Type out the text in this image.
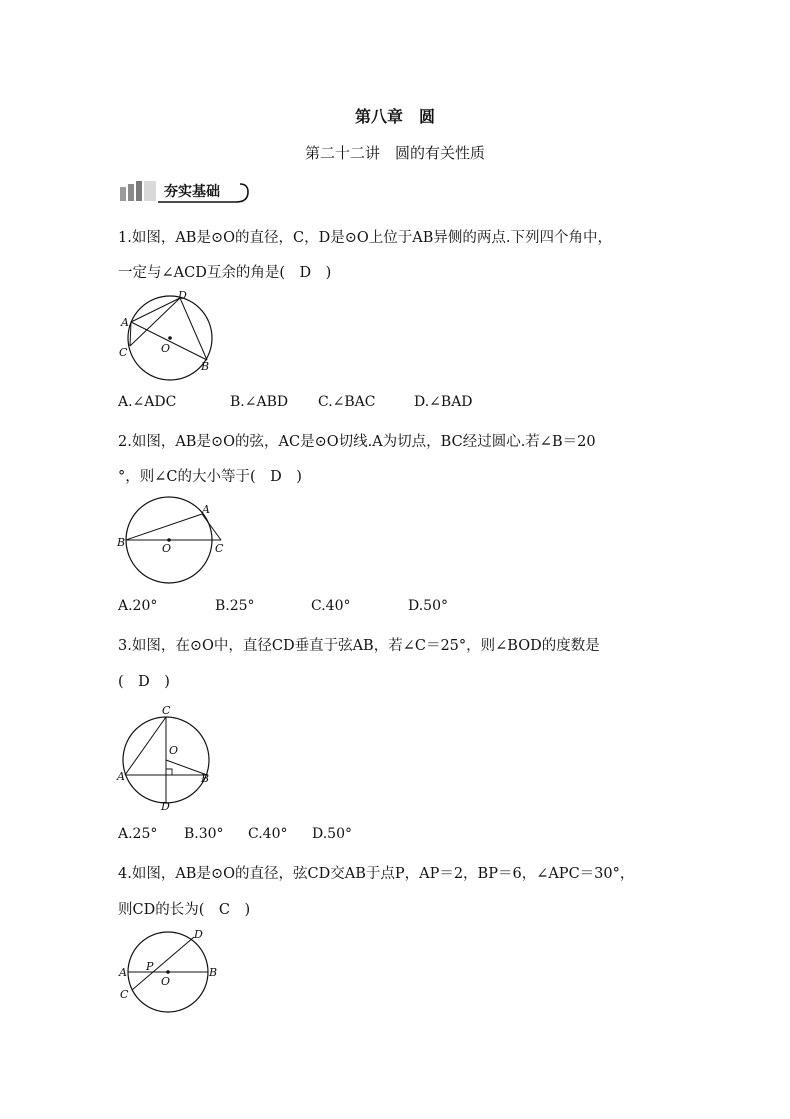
第八章　圆
第二十二讲　圆的有关性质
夯实基础
1.如图，AB是⊙O的直径，C，D是⊙O上位于AB异侧的两点.下列四个角中，
一定与∠ACD互余的角是(　D　)
D
A
O
C
B
A.∠ADC	B.∠ABD C.∠BAC	D.∠BAD
2.如图，AB是⊙O的弦，AC是⊙O切线.A为切点，BC经过圆心.若∠B＝20
°，则∠C的大小等于(　D　)
A
B	O	C
A.20°	B.25°	C.40°	D.50°
3.如图，在⊙O中，直径CD垂直于弦AB，若∠C＝25°，则∠BOD的度数是
(　D　)
C
O
A	B
D
A.25° B.30° C.40° D.50°
4.如图，AB是⊙O的直径，弦CD交AB于点P，AP＝2，BP＝6，∠APC＝30°，
则CD的长为(　C　)
D
A P	B
O
C
